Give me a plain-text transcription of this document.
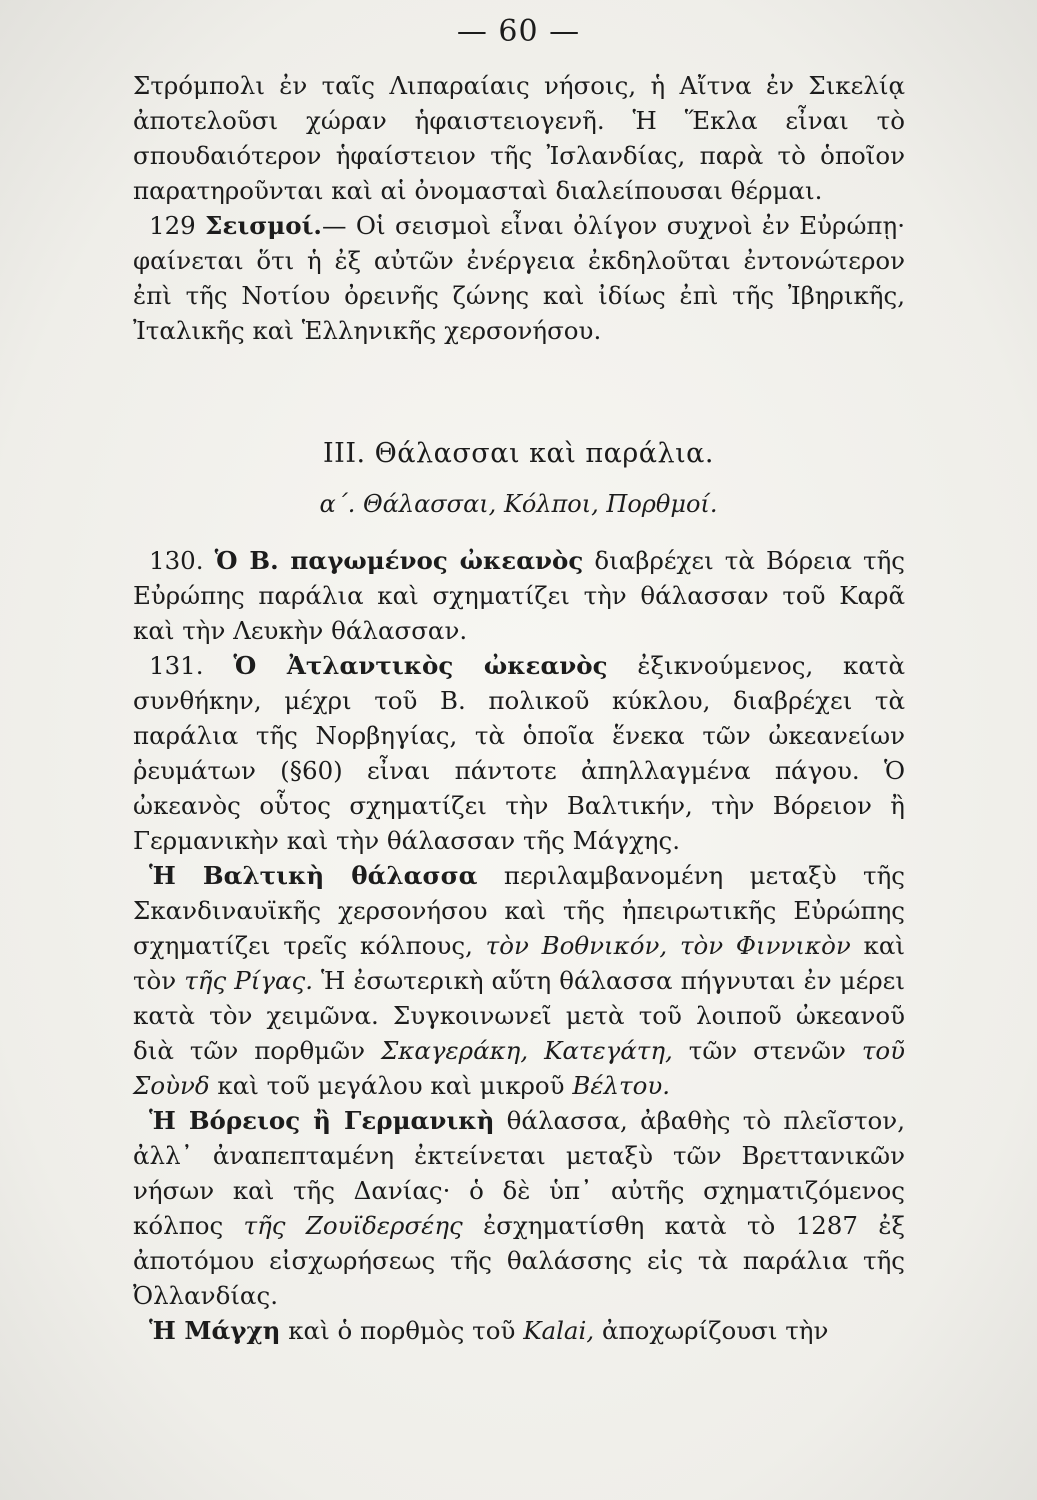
— 60 —

Στρόμπολι ἐν ταῖς Λιπαραίαις νήσοις, ἡ Αἴτνα ἐν Σικελίᾳ ἀποτελοῦσι χώραν ἡφαιστειογενῆ. Ἡ Ἕκλα εἶναι τὸ σπουδαιότερον ἡφαίστειον τῆς Ἰσλανδίας, παρὰ τὸ ὁποῖον παρατηροῦνται καὶ αἱ ὀνομασταὶ διαλείπουσαι θέρμαι.

129 Σεισμοί.— Οἱ σεισμοὶ εἶναι ὀλίγον συχνοὶ ἐν Εὐρώπῃ· φαίνεται ὅτι ἡ ἐξ αὐτῶν ἐνέργεια ἐκδηλοῦται ἐντονώτερον ἐπὶ τῆς Νοτίου ὀρεινῆς ζώνης καὶ ἰδίως ἐπὶ τῆς Ἰβηρικῆς, Ἰταλικῆς καὶ Ἑλληνικῆς χερσονήσου.

III. Θάλασσαι καὶ παράλια.
α΄. Θάλασσαι, Κόλποι, Πορθμοί.

130. Ὁ Β. παγωμένος ὠκεανὸς διαβρέχει τὰ Βόρεια τῆς Εὐρώπης παράλια καὶ σχηματίζει τὴν θάλασσαν τοῦ Καρᾶ καὶ τὴν Λευκὴν θάλασσαν.

131. Ὁ Ἀτλαντικὸς ὠκεανὸς ἐξικνούμενος, κατὰ συνθήκην, μέχρι τοῦ Β. πολικοῦ κύκλου, διαβρέχει τὰ παράλια τῆς Νορβηγίας, τὰ ὁποῖα ἕνεκα τῶν ὠκεανείων ῥευμάτων (§60) εἶναι πάντοτε ἀπηλλαγμένα πάγου. Ὁ ὠκεανὸς οὗτος σχηματίζει τὴν Βαλτικήν, τὴν Βόρειον ἢ Γερμανικὴν καὶ τὴν θάλασσαν τῆς Μάγχης.

Ἡ Βαλτικὴ θάλασσα περιλαμβανομένη μεταξὺ τῆς Σκανδιναυϊκῆς χερσονήσου καὶ τῆς ἠπειρωτικῆς Εὐρώπης σχηματίζει τρεῖς κόλπους, τὸν Βοθνικόν, τὸν Φιννικὸν καὶ τὸν τῆς Ρίγας. Ἡ ἐσωτερικὴ αὕτη θάλασσα πήγνυται ἐν μέρει κατὰ τὸν χειμῶνα. Συγκοινωνεῖ μετὰ τοῦ λοιποῦ ὠκεανοῦ διὰ τῶν πορθμῶν Σκαγεράκη, Κατεγάτη, τῶν στενῶν τοῦ Σοὺνδ καὶ τοῦ μεγάλου καὶ μικροῦ Βέλτου.

Ἡ Βόρειος ἢ Γερμανικὴ θάλασσα, ἀβαθὴς τὸ πλεῖστον, ἀλλ᾽ ἀναπεπταμένη ἐκτείνεται μεταξὺ τῶν Βρεττανικῶν νήσων καὶ τῆς Δανίας· ὁ δὲ ὑπ᾽ αὐτῆς σχηματιζόμενος κόλπος τῆς Ζουϊδερσέης ἐσχηματίσθη κατὰ τὸ 1287 ἐξ ἀποτόμου εἰσχωρήσεως τῆς θαλάσσης εἰς τὰ παράλια τῆς Ὀλλανδίας.

Ἡ Μάγχη καὶ ὁ πορθμὸς τοῦ Kalai, ἀποχωρίζουσι τὴν
